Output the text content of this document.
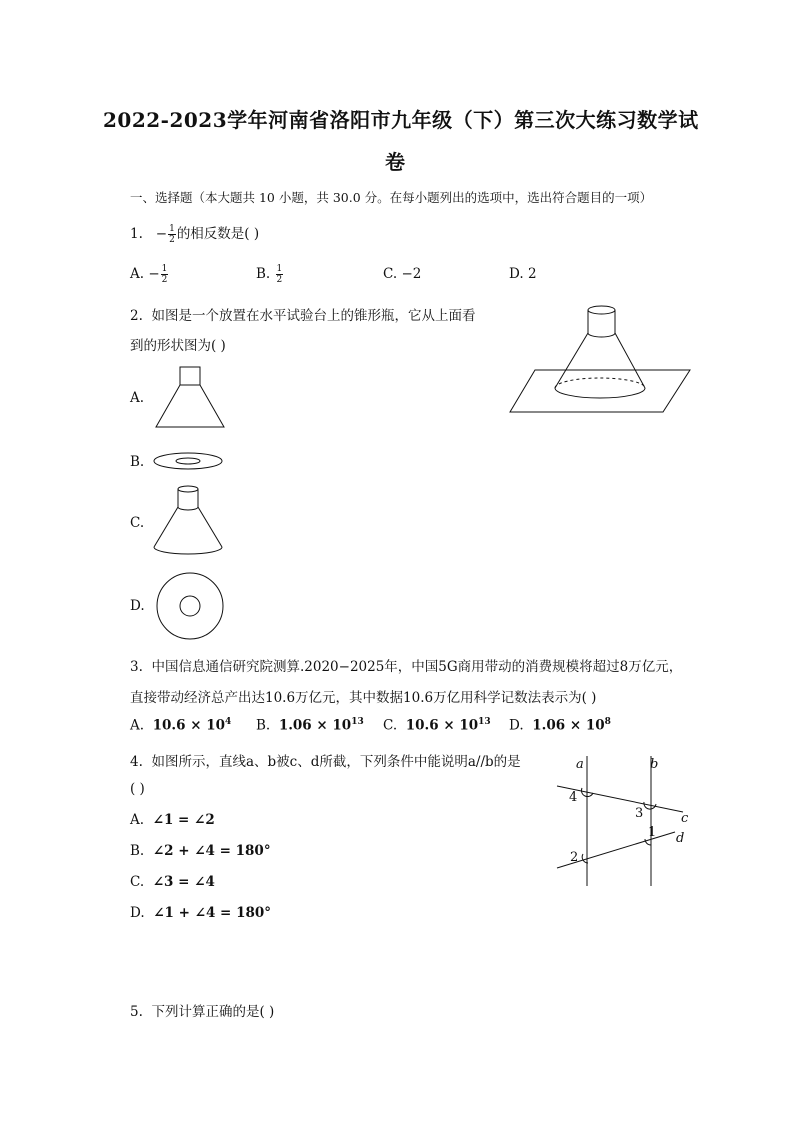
2022-2023学年河南省洛阳市九年级（下）第三次大练习数学试
卷
一、选择题（本大题共 10 小题，共 30.0 分。在每小题列出的选项中，选出符合题目的一项）
1. − $\frac{1}{2}$ 的相反数是( )
A. − $\frac{1}{2}$	B. $\frac{1}{2}$	C. −2	D. 2
2. 如图是一个放置在水平试验台上的锥形瓶，它从上面看
到的形状图为( )
A.
B.
C.
D.
3. 中国信息通信研究院测算.2020−2025年，中国5G商用带动的消费规模将超过8万亿元，
直接带动经济总产出达10.6万亿元，其中数据10.6万亿用科学记数法表示为( )
A. $10.6 \times 10^4$ B. $1.06 \times 10^{13}$ C. $10.6 \times 10^{13}$ D. $1.06 \times 10^8$
4. 如图所示，直线a、b被c、d所截，下列条件中能说明a//b的是
( )
A. ∠1 = ∠2
B. ∠2 + ∠4 = 180°
C. ∠3 = ∠4
D. ∠1 + ∠4 = 180°
a	b
c
d
4
3
1
2
5. 下列计算正确的是( )
